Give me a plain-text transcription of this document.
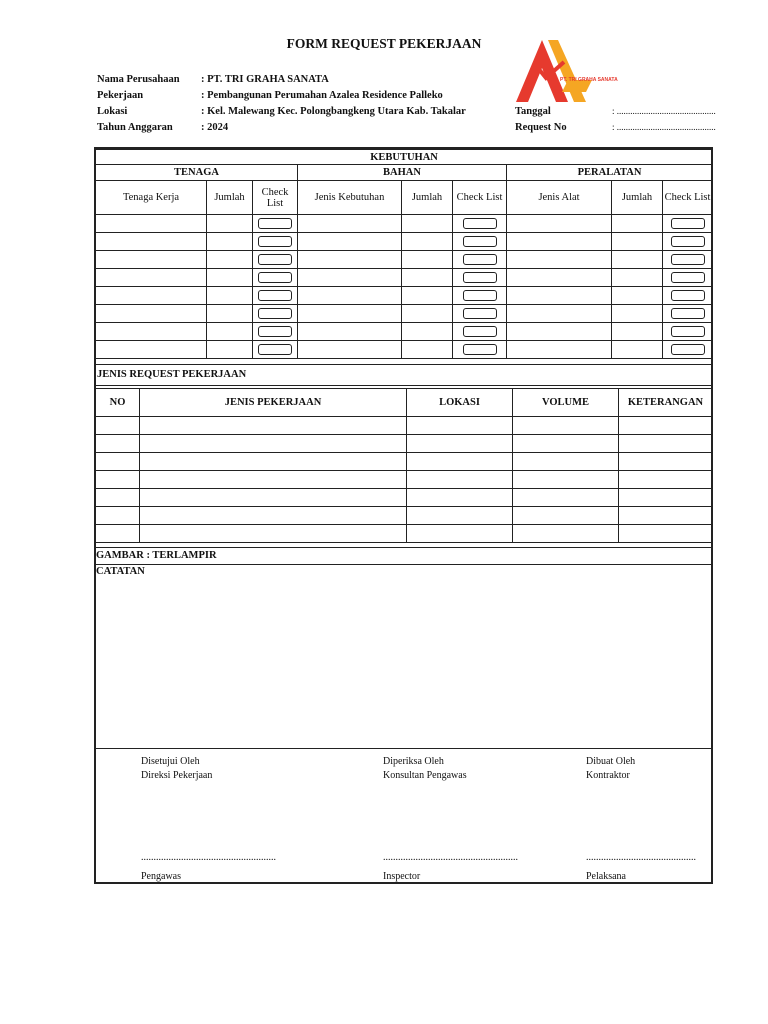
FORM REQUEST PEKERJAAN
Nama Perusahaan : PT. TRI GRAHA SANATA
Pekerjaan	: Pembangunan Perumahan Azalea Residence Palleko
Lokasi	: Kel. Malewang Kec. Polongbangkeng Utara Kab. Takalar
Tahun Anggaran	: 2024
Tanggal	: ............................................
Request No	: ............................................
PT. TRI GRAHA SANATA
KEBUTUHAN								
TENAGA			BAHAN			PERALATAN		
Tenaga Kerja	Jumlah	Check List	Jenis Kebutuhan	Jumlah	Check List	Jenis Alat	Jumlah	Check List

JENIS REQUEST PEKERJAAN
NO	JENIS PEKERJAAN	LOKASI	VOLUME	KETERANGAN

GAMBAR : TERLAMPIR
CATATAN
Disetujui Oleh
Direksi Pekerjaan
......................................................
Pengawas
Diperiksa Oleh
Konsultan Pengawas
......................................................
Inspector
Dibuat Oleh
Kontraktor
............................................
Pelaksana
